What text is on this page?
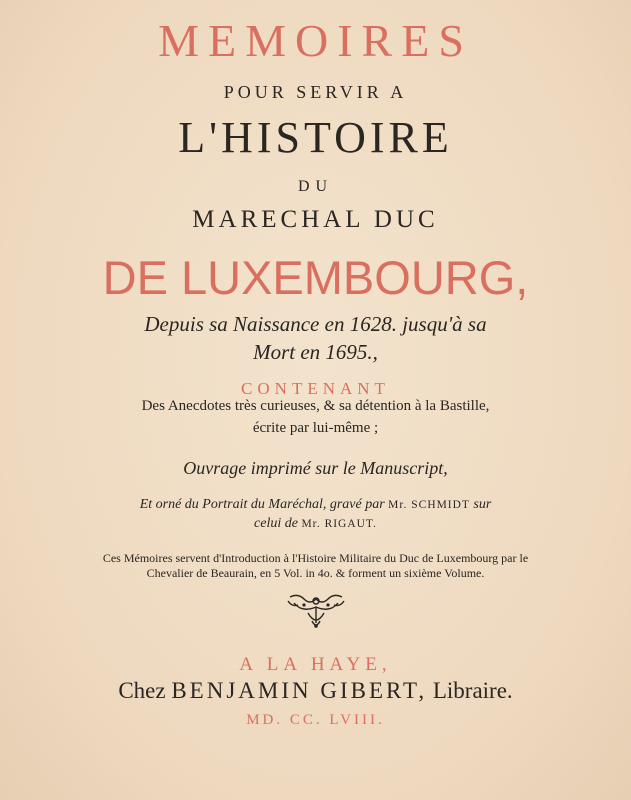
MEMOIRES
POUR SERVIR A
L'HISTOIRE
DU
MARECHAL DUC
DE LUXEMBOURG,
Depuis sa Naissance en 1628. jusqu'à sa
Mort en 1695.,
CONTENANT
Des Anecdotes très curieuses, & sa détention à la Bastille,
écrite par lui-même ;
Ouvrage imprimé sur le Manuscript,
Et orné du Portrait du Maréchal, gravé par Mr. SCHMIDT sur
celui de Mr. RIGAUT.
Ces Mémoires servent d'Introduction à l'Histoire Militaire du Duc de Luxembourg par le
Chevalier de Beaurain, en 5 Vol. in 4o. & forment un sixième Volume.
A LA HAYE,
Chez BENJAMIN GIBERT, Libraire.
MD. CC. LVIII.
